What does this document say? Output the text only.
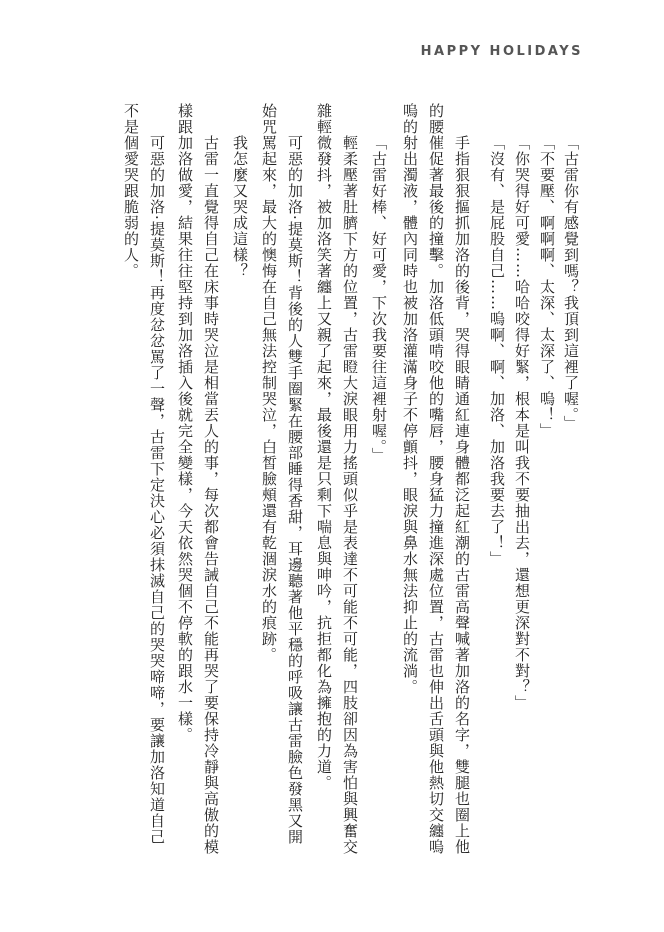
HAPPY HOLIDAYS
「古雷你有感覺到嗎？我頂到這裡了喔。」
「不要壓、啊啊啊、太深、太深了、嗚！」
「你哭得好可愛……哈哈咬得好緊，根本是叫我不要抽出去，還想更深對不對？」
「沒有、是屁股自己……嗚啊、啊、加洛、加洛我要去了！」
手指狠狠摳抓加洛的後背，哭得眼睛通紅連身體都泛起紅潮的古雷高聲喊著加洛的名字，雙腿也圈上他
的腰催促著最後的撞擊。加洛低頭啃咬他的嘴唇，腰身猛力撞進深處位置，古雷也伸出舌頭與他熱切交纏嗚
嗚的射出濁液，體內同時也被加洛灌滿身子不停顫抖，眼淚與鼻水無法抑止的流淌。
「古雷好棒、好可愛，下次我要往這裡射喔。」
輕柔壓著肚臍下方的位置，古雷瞪大淚眼用力搖頭似乎是表達不可能不可能，四肢卻因為害怕與興奮交
雜輕微發抖，被加洛笑著纏上又親了起來，最後還是只剩下喘息與呻吟，抗拒都化為擁抱的力道。
可惡的加洛·提莫斯！背後的人雙手圈緊在腰部睡得香甜，耳邊聽著他平穩的呼吸讓古雷臉色發黑又開
始咒罵起來，最大的懊悔在自己無法控制哭泣，白皙臉頰還有乾涸淚水的痕跡。
我怎麼又哭成這樣？
古雷一直覺得自己在床事時哭泣是相當丟人的事，每次都會告誡自己不能再哭了要保持冷靜與高傲的模
樣跟加洛做愛，結果往往堅持到加洛插入後就完全變樣，今天依然哭個不停軟的跟水一樣。
可惡的加洛·提莫斯！再度忿忿罵了一聲，古雷下定決心必須抹滅自己的哭哭啼啼，要讓加洛知道自己
不是個愛哭跟脆弱的人。
